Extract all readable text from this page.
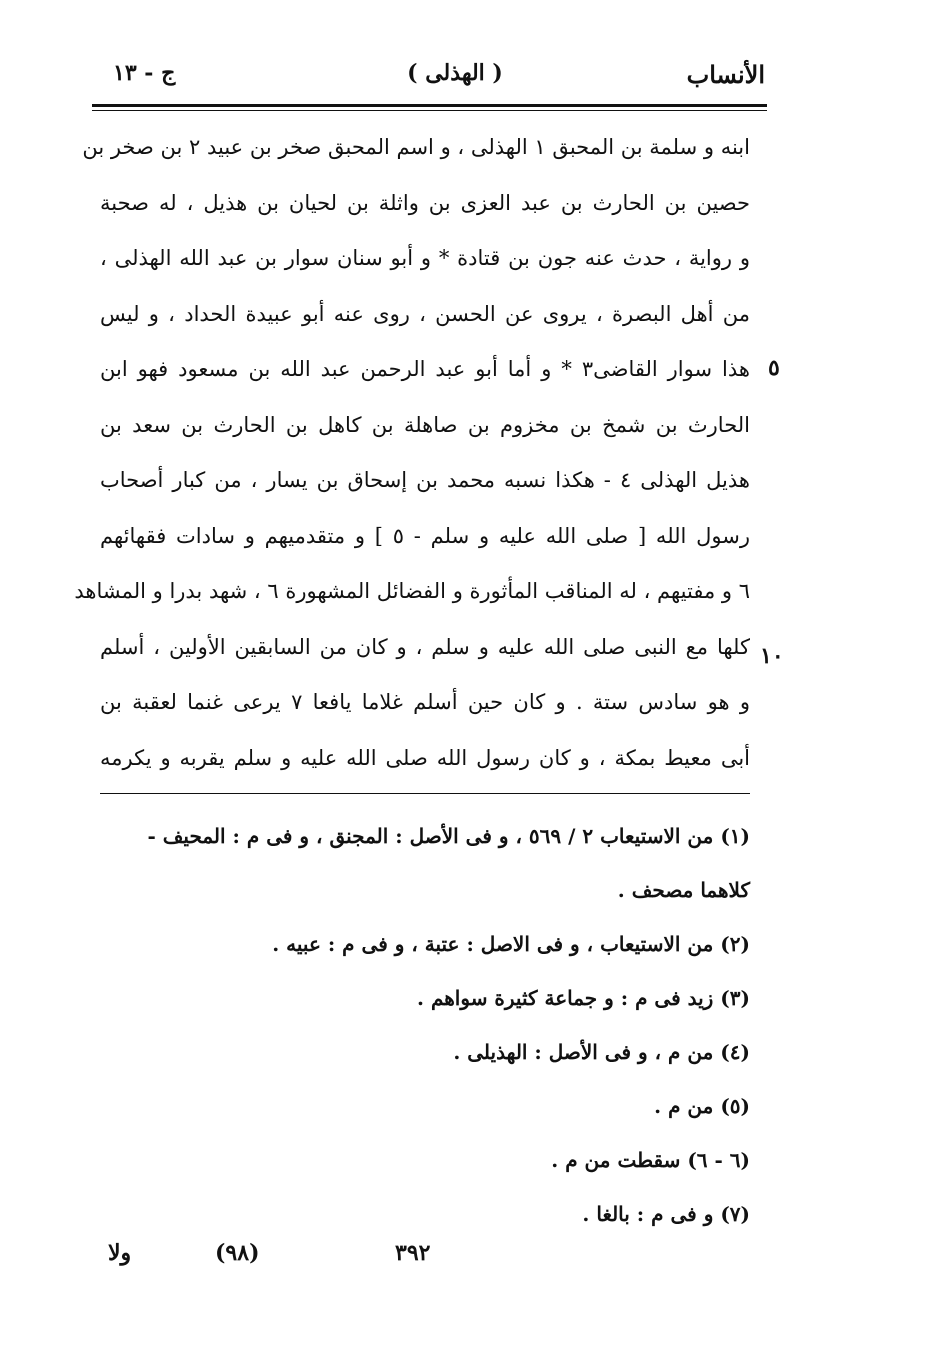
الأنساب
( الهذلى )
ج - ١٣
ابنه و سلمة بن المحبق ١ الهذلى ، و اسم المحبق صخر بن عبيد ٢ بن صخر بن
حصين بن الحارث بن عبد العزى بن واثلة بن لحيان بن هذيل ، له صحبة
و رواية ، حدث عنه جون بن قتادة * و أبو سنان سوار بن عبد الله الهذلى ،
من أهل البصرة ، يروى عن الحسن ، روى عنه أبو عبيدة الحداد ، و ليس
هذا سوار القاضى٣ * و أما أبو عبد الرحمن عبد الله بن مسعود فهو ابن
الحارث بن شمخ بن مخزوم بن صاهلة بن كاهل بن الحارث بن سعد بن
هذيل الهذلى ٤ - هكذا نسبه محمد بن إسحاق بن يسار ، من كبار أصحاب
رسول الله [ صلى الله عليه و سلم - ٥ ] و متقدميهم و سادات فقهائهم
٦ و مفتيهم ، له المناقب المأثورة و الفضائل المشهورة ٦ ، شهد بدرا و المشاهد
كلها مع النبى صلى الله عليه و سلم ، و كان من السابقين الأولين ، أسلم
و هو سادس ستة . و كان حين أسلم غلاما يافعا ٧ يرعى غنما لعقبة بن
أبى معيط بمكة ، و كان رسول الله صلى الله عليه و سلم يقربه و يكرمه
٥
١٠
(١) من الاستيعاب ٢ / ٥٦٩ ، و فى الأصل : المجنق ، و فى م : المحيف -
كلاهما مصحف .
(٢) من الاستيعاب ، و فى الاصل : عتبة ، و فى م : عبيه .
(٣) زيد فى م : و جماعة كثيرة سواهم .
(٤) من م ، و فى الأصل : الهذيلى .
(٥) من م .
(٦ - ٦) سقطت من م .
(٧) و فى م : بالغا .
٣٩٢
(٩٨)
ولا
